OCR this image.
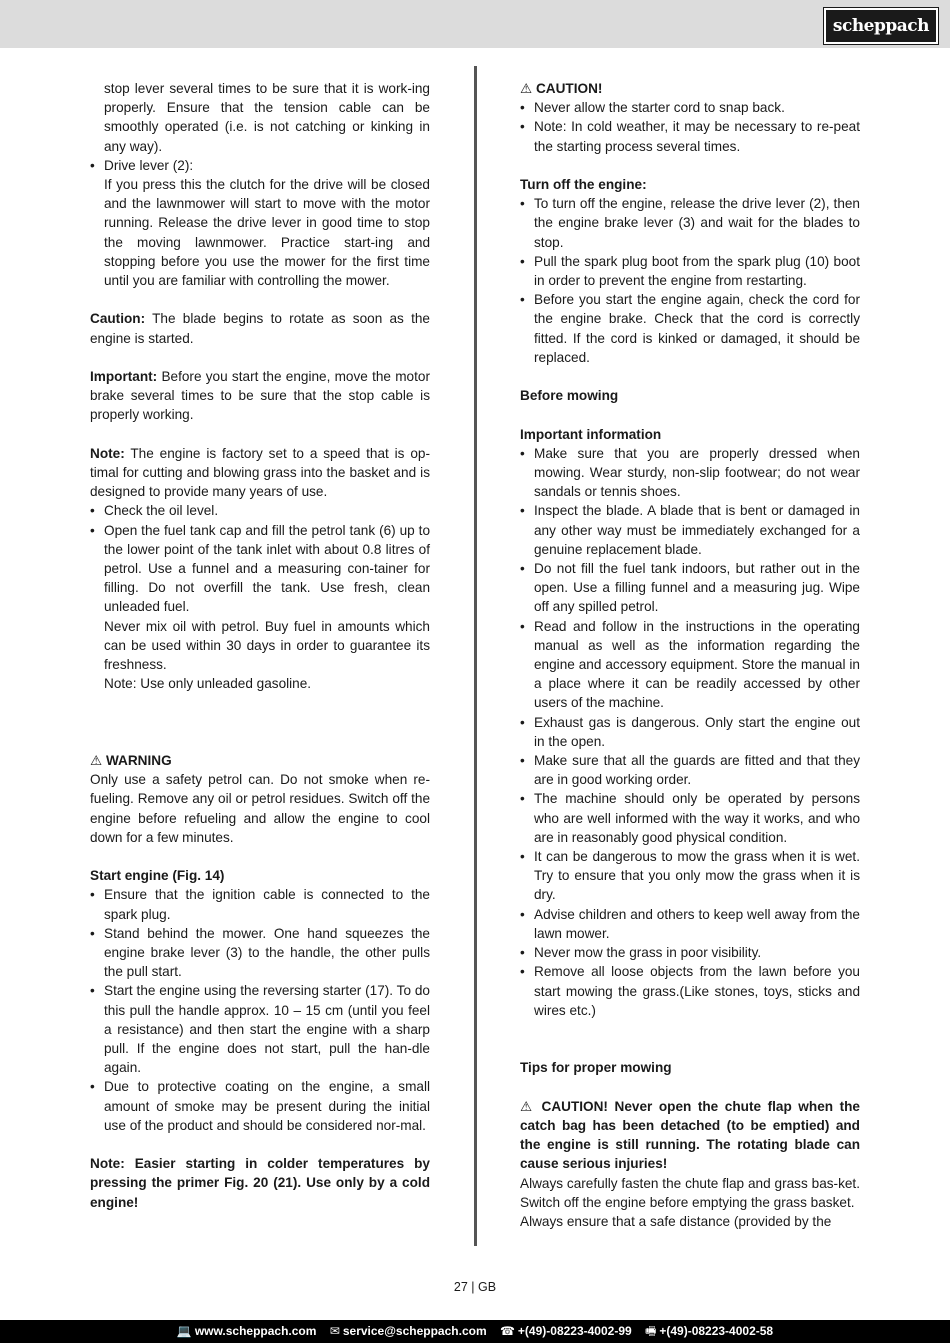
scheppach

stop lever several times to be sure that it is work-ing properly. Ensure that the tension cable can be smoothly operated (i.e. is not catching or kinking in any way).

• Drive lever (2):

If you press this the clutch for the drive will be closed and the lawnmower will start to move with the motor running. Release the drive lever in good time to stop the moving lawnmower. Practice start-ing and stopping before you use the mower for the first time until you are familiar with controlling the mower.

Caution: The blade begins to rotate as soon as the engine is started.

Important: Before you start the engine, move the motor brake several times to be sure that the stop cable is properly working.

Note: The engine is factory set to a speed that is op-timal for cutting and blowing grass into the basket and is designed to provide many years of use.

• Check the oil level.

• Open the fuel tank cap and fill the petrol tank (6) up to the lower point of the tank inlet with about 0.8 litres of petrol. Use a funnel and a measuring con-tainer for filling. Do not overfill the tank. Use fresh, clean unleaded fuel.

Never mix oil with petrol. Buy fuel in amounts which can be used within 30 days in order to guarantee its freshness.

Note: Use only unleaded gasoline.

⚠ WARNING

Only use a safety petrol can. Do not smoke when re-fueling. Remove any oil or petrol residues. Switch off the engine before refueling and allow the engine to cool down for a few minutes.

Start engine (Fig. 14)

• Ensure that the ignition cable is connected to the spark plug.

• Stand behind the mower. One hand squeezes the engine brake lever (3) to the handle, the other pulls the pull start.

• Start the engine using the reversing starter (17). To do this pull the handle approx. 10 – 15 cm (until you feel a resistance) and then start the engine with a sharp pull. If the engine does not start, pull the han-dle again.

• Due to protective coating on the engine, a small amount of smoke may be present during the initial use of the product and should be considered nor-mal.

Note: Easier starting in colder temperatures by pressing the primer Fig. 20 (21). Use only by a cold engine!

⚠ CAUTION!

• Never allow the starter cord to snap back.

• Note: In cold weather, it may be necessary to re-peat the starting process several times.

Turn off the engine:

• To turn off the engine, release the drive lever (2), then the engine brake lever (3) and wait for the blades to stop.

• Pull the spark plug boot from the spark plug (10) boot in order to prevent the engine from restarting.

• Before you start the engine again, check the cord for the engine brake. Check that the cord is correctly fitted. If the cord is kinked or damaged, it should be replaced.

Before mowing

Important information

• Make sure that you are properly dressed when mowing. Wear sturdy, non-slip footwear; do not wear sandals or tennis shoes.

• Inspect the blade. A blade that is bent or damaged in any other way must be immediately exchanged for a genuine replacement blade.

• Do not fill the fuel tank indoors, but rather out in the open. Use a filling funnel and a measuring jug. Wipe off any spilled petrol.

• Read and follow in the instructions in the operating manual as well as the information regarding the engine and accessory equipment. Store the manual in a place where it can be readily accessed by other users of the machine.

• Exhaust gas is dangerous. Only start the engine out in the open.

• Make sure that all the guards are fitted and that they are in good working order.

• The machine should only be operated by persons who are well informed with the way it works, and who are in reasonably good physical condition.

• It can be dangerous to mow the grass when it is wet. Try to ensure that you only mow the grass when it is dry.

• Advise children and others to keep well away from the lawn mower.

• Never mow the grass in poor visibility.

• Remove all loose objects from the lawn before you start mowing the grass.(Like stones, toys, sticks and wires etc.)

Tips for proper mowing

⚠ CAUTION! Never open the chute flap when the catch bag has been detached (to be emptied) and the engine is still running. The rotating blade can cause serious injuries!

Always carefully fasten the chute flap and grass bas-ket. Switch off the engine before emptying the grass basket.

Always ensure that a safe distance (provided by the

27 | GB
💻 www.scheppach.com ✉ service@scheppach.com ☎ +(49)-08223-4002-99 🖷 +(49)-08223-4002-58
